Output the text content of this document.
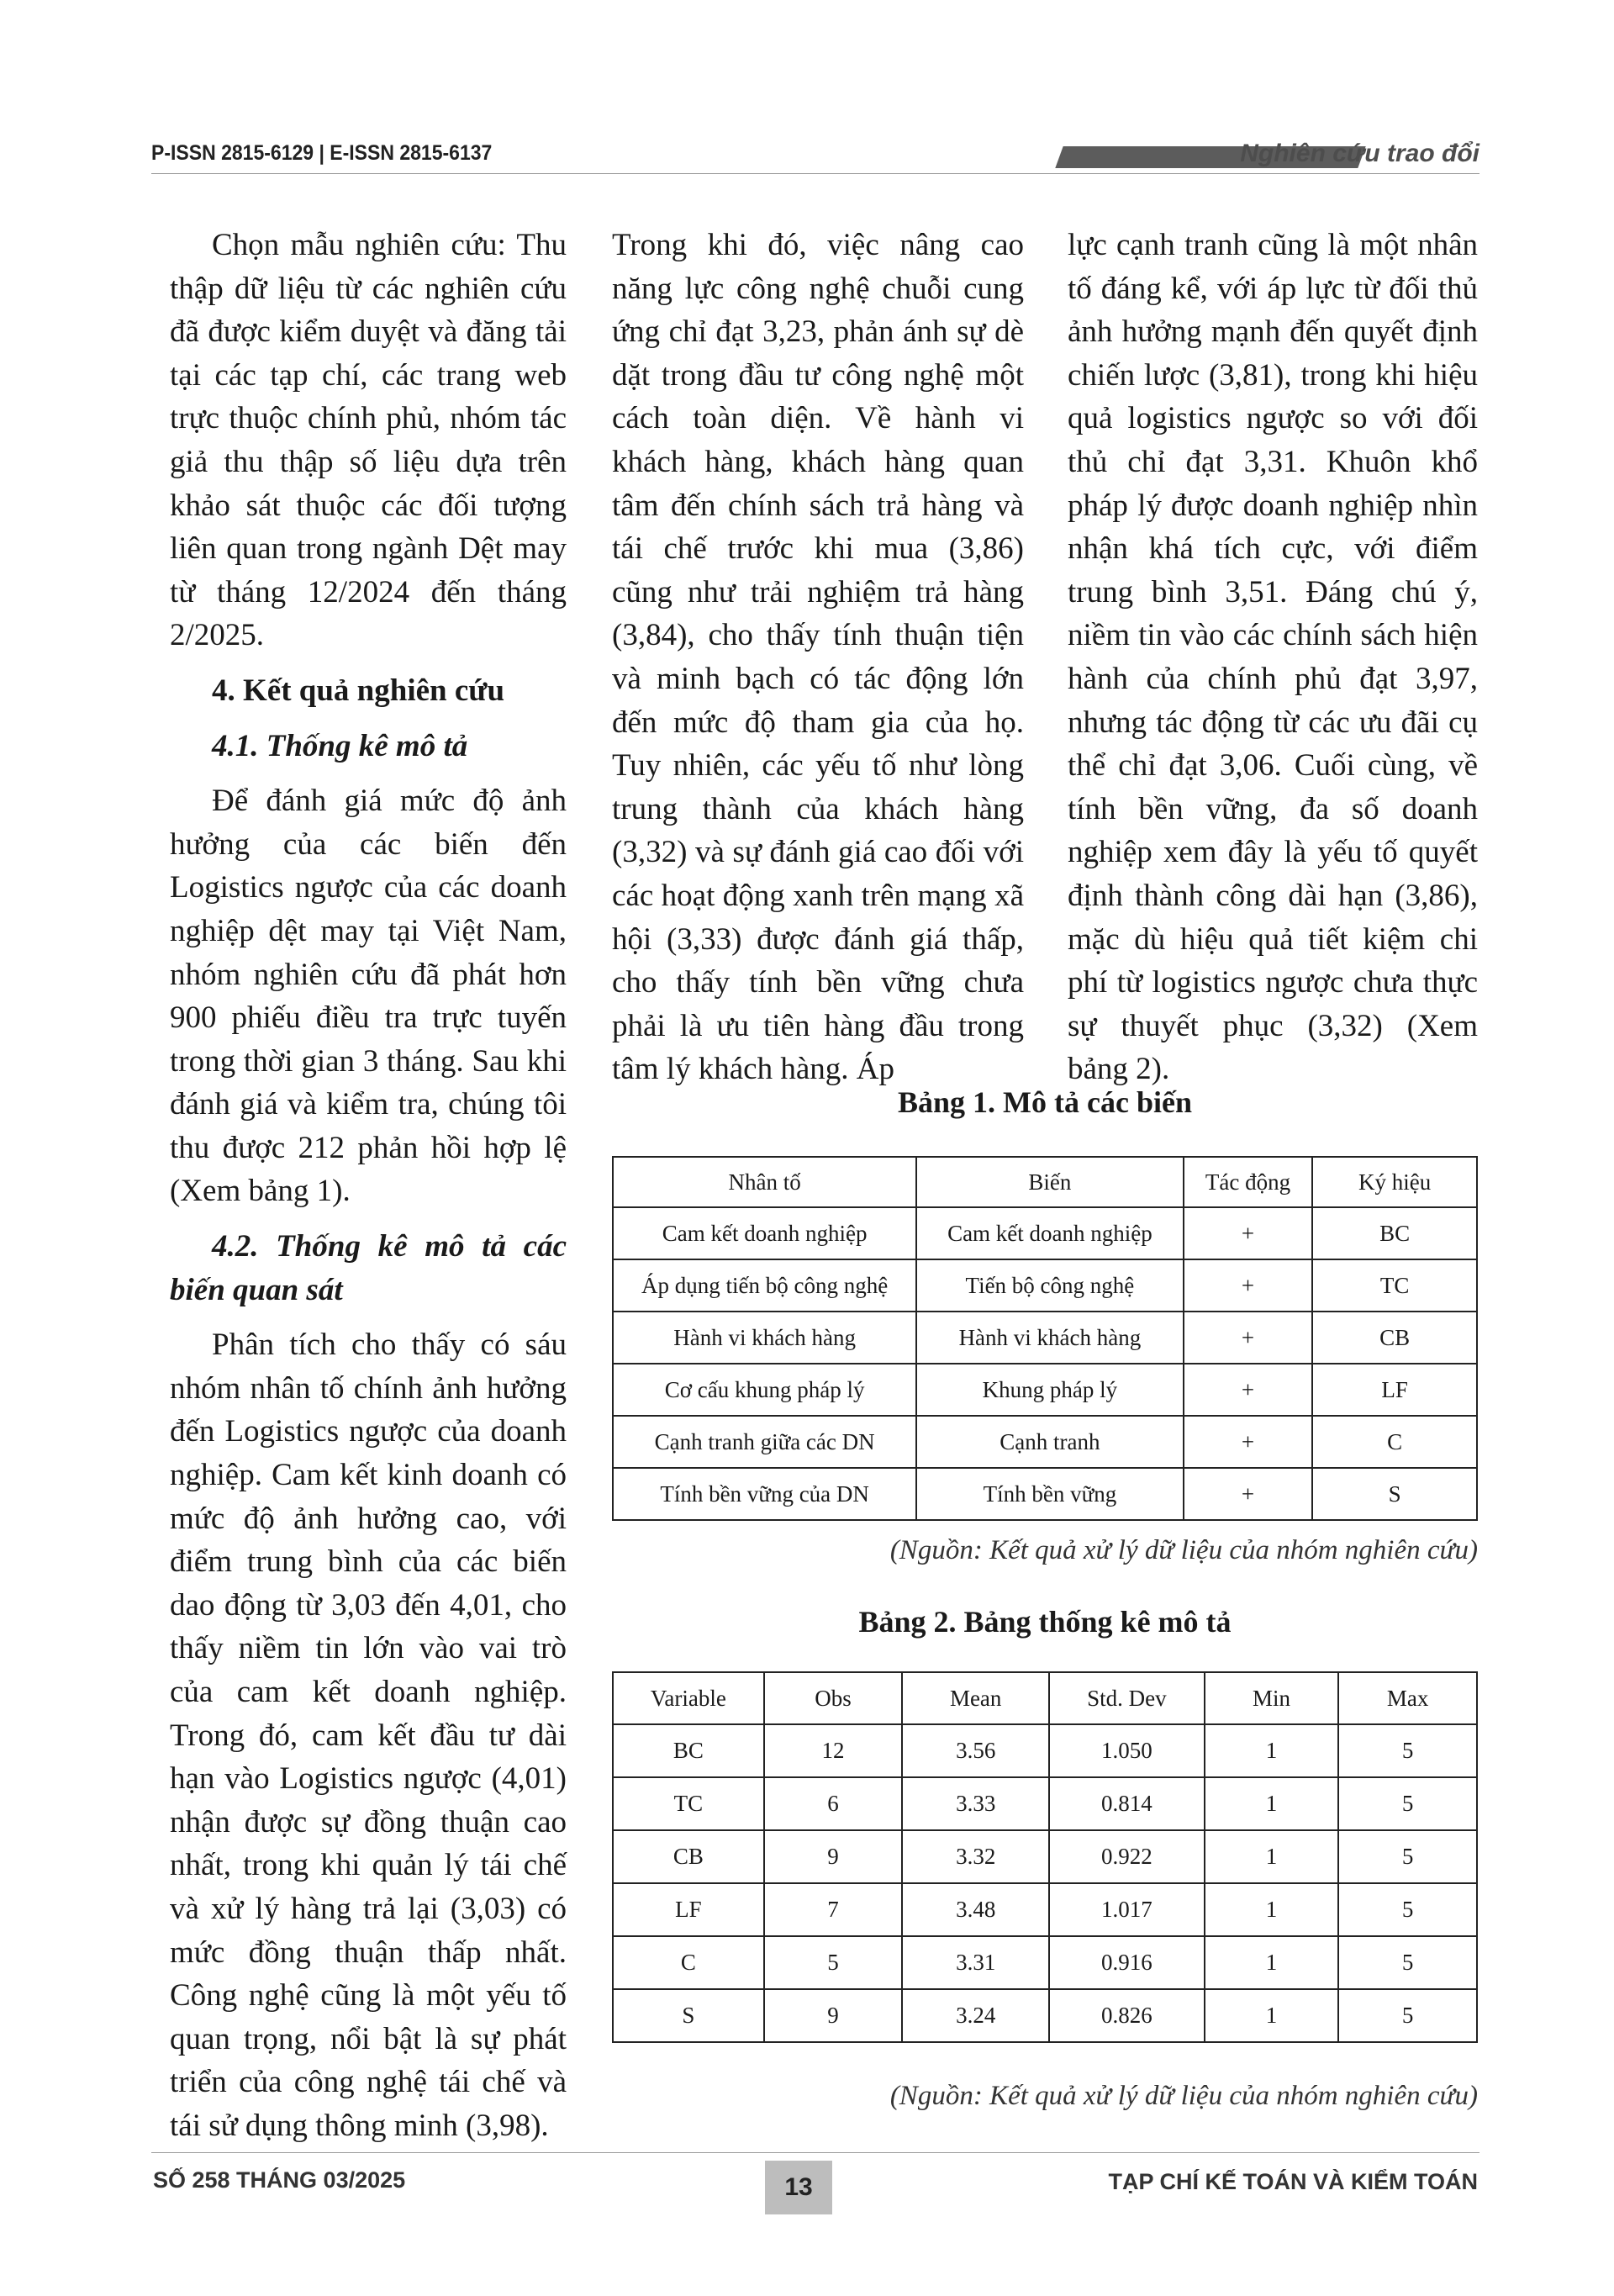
P-ISSN 2815-6129 | E-ISSN 2815-6137	Nghiên cứu trao đổi

Chọn mẫu nghiên cứu: Thu thập dữ liệu từ các nghiên cứu đã được kiểm duyệt và đăng tải tại các tạp chí, các trang web trực thuộc chính phủ, nhóm tác giả thu thập số liệu dựa trên khảo sát thuộc các đối tượng liên quan trong ngành Dệt may từ tháng 12/2024 đến tháng 2/2025.

4. Kết quả nghiên cứu

4.1. Thống kê mô tả

Để đánh giá mức độ ảnh hưởng của các biến đến Logistics ngược của các doanh nghiệp dệt may tại Việt Nam, nhóm nghiên cứu đã phát hơn 900 phiếu điều tra trực tuyến trong thời gian 3 tháng. Sau khi đánh giá và kiểm tra, chúng tôi thu được 212 phản hồi hợp lệ (Xem bảng 1).

4.2. Thống kê mô tả các biến quan sát

Phân tích cho thấy có sáu nhóm nhân tố chính ảnh hưởng đến Logistics ngược của doanh nghiệp. Cam kết kinh doanh có mức độ ảnh hưởng cao, với điểm trung bình của các biến dao động từ 3,03 đến 4,01, cho thấy niềm tin lớn vào vai trò của cam kết doanh nghiệp. Trong đó, cam kết đầu tư dài hạn vào Logistics ngược (4,01) nhận được sự đồng thuận cao nhất, trong khi quản lý tái chế và xử lý hàng trả lại (3,03) có mức đồng thuận thấp nhất. Công nghệ cũng là một yếu tố quan trọng, nổi bật là sự phát triển của công nghệ tái chế và tái sử dụng thông minh (3,98).

Trong khi đó, việc nâng cao năng lực công nghệ chuỗi cung ứng chỉ đạt 3,23, phản ánh sự dè dặt trong đầu tư công nghệ một cách toàn diện. Về hành vi khách hàng, khách hàng quan tâm đến chính sách trả hàng và tái chế trước khi mua (3,86) cũng như trải nghiệm trả hàng (3,84), cho thấy tính thuận tiện và minh bạch có tác động lớn đến mức độ tham gia của họ. Tuy nhiên, các yếu tố như lòng trung thành của khách hàng (3,32) và sự đánh giá cao đối với các hoạt động xanh trên mạng xã hội (3,33) được đánh giá thấp, cho thấy tính bền vững chưa phải là ưu tiên hàng đầu trong tâm lý khách hàng. Áp

lực cạnh tranh cũng là một nhân tố đáng kể, với áp lực từ đối thủ ảnh hưởng mạnh đến quyết định chiến lược (3,81), trong khi hiệu quả logistics ngược so với đối thủ chỉ đạt 3,31. Khuôn khổ pháp lý được doanh nghiệp nhìn nhận khá tích cực, với điểm trung bình 3,51. Đáng chú ý, niềm tin vào các chính sách hiện hành của chính phủ đạt 3,97, nhưng tác động từ các ưu đãi cụ thể chỉ đạt 3,06. Cuối cùng, về tính bền vững, đa số doanh nghiệp xem đây là yếu tố quyết định thành công dài hạn (3,86), mặc dù hiệu quả tiết kiệm chi phí từ logistics ngược chưa thực sự thuyết phục (3,32) (Xem bảng 2).

Bảng 1. Mô tả các biến
Nhân tố	Biến	Tác động	Ký hiệu
Cam kết doanh nghiệp	Cam kết doanh nghiệp	+	BC
Áp dụng tiến bộ công nghệ	Tiến bộ công nghệ	+	TC
Hành vi khách hàng	Hành vi khách hàng	+	CB
Cơ cấu khung pháp lý	Khung pháp lý	+	LF
Cạnh tranh giữa các DN	Cạnh tranh	+	C
Tính bền vững của DN	Tính bền vững	+	S
(Nguồn: Kết quả xử lý dữ liệu của nhóm nghiên cứu)
Bảng 2. Bảng thống kê mô tả
Variable	Obs	Mean	Std. Dev	Min	Max
BC	12	3.56	1.050	1	5
TC	6	3.33	0.814	1	5
CB	9	3.32	0.922	1	5
LF	7	3.48	1.017	1	5
C	5	3.31	0.916	1	5
S	9	3.24	0.826	1	5
(Nguồn: Kết quả xử lý dữ liệu của nhóm nghiên cứu)
SỐ 258 THÁNG 03/2025	13	TẠP CHÍ KẾ TOÁN VÀ KIỂM TOÁN
